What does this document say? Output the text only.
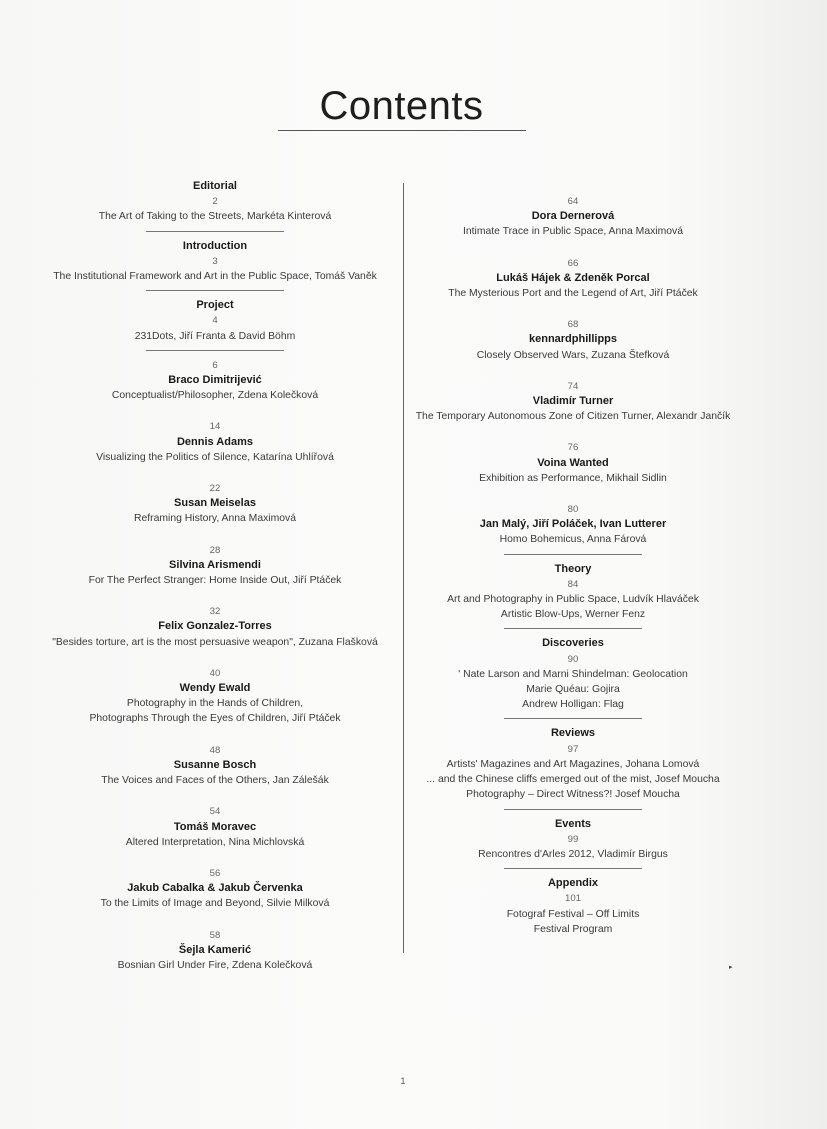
Contents
Editorial
2
The Art of Taking to the Streets, Markéta Kinterová
Introduction
3
The Institutional Framework and Art in the Public Space, Tomáš Vaněk
Project
4
231Dots, Jiří Franta & David Böhm
6
Braco Dimitrijević
Conceptualist/Philosopher, Zdena Kolečková
14
Dennis Adams
Visualizing the Politics of Silence, Katarína Uhlířová
22
Susan Meiselas
Reframing History, Anna Maximová
28
Silvina Arismendi
For The Perfect Stranger: Home Inside Out, Jiří Ptáček
32
Felix Gonzalez-Torres
"Besides torture, art is the most persuasive weapon", Zuzana Flašková
40
Wendy Ewald
Photography in the Hands of Children,
Photographs Through the Eyes of Children, Jiří Ptáček
48
Susanne Bosch
The Voices and Faces of the Others, Jan Zálešák
54
Tomáš Moravec
Altered Interpretation, Nina Michlovská
56
Jakub Cabalka & Jakub Červenka
To the Limits of Image and Beyond, Silvie Milková
58
Šejla Kamerić
Bosnian Girl Under Fire, Zdena Kolečková
64
Dora Dernerová
Intimate Trace in Public Space, Anna Maximová
66
Lukáš Hájek & Zdeněk Porcal
The Mysterious Port and the Legend of Art, Jiří Ptáček
68
kennardphillipps
Closely Observed Wars, Zuzana Štefková
74
Vladimír Turner
The Temporary Autonomous Zone of Citizen Turner, Alexandr Jančík
76
Voina Wanted
Exhibition as Performance, Mikhail Sidlin
80
Jan Malý, Jiří Poláček, Ivan Lutterer
Homo Bohemicus, Anna Fárová
Theory
84
Art and Photography in Public Space, Ludvík Hlaváček
Artistic Blow-Ups, Werner Fenz
Discoveries
90
' Nate Larson and Marni Shindelman: Geolocation
Marie Quéau: Gojira
Andrew Holligan: Flag
Reviews
97
Artists' Magazines and Art Magazines, Johana Lomová
... and the Chinese cliffs emerged out of the mist, Josef Moucha
Photography – Direct Witness?! Josef Moucha
Events
99
Rencontres d'Arles 2012, Vladimír Birgus
Appendix
101
Fotograf Festival – Off Limits
Festival Program
1
▸
